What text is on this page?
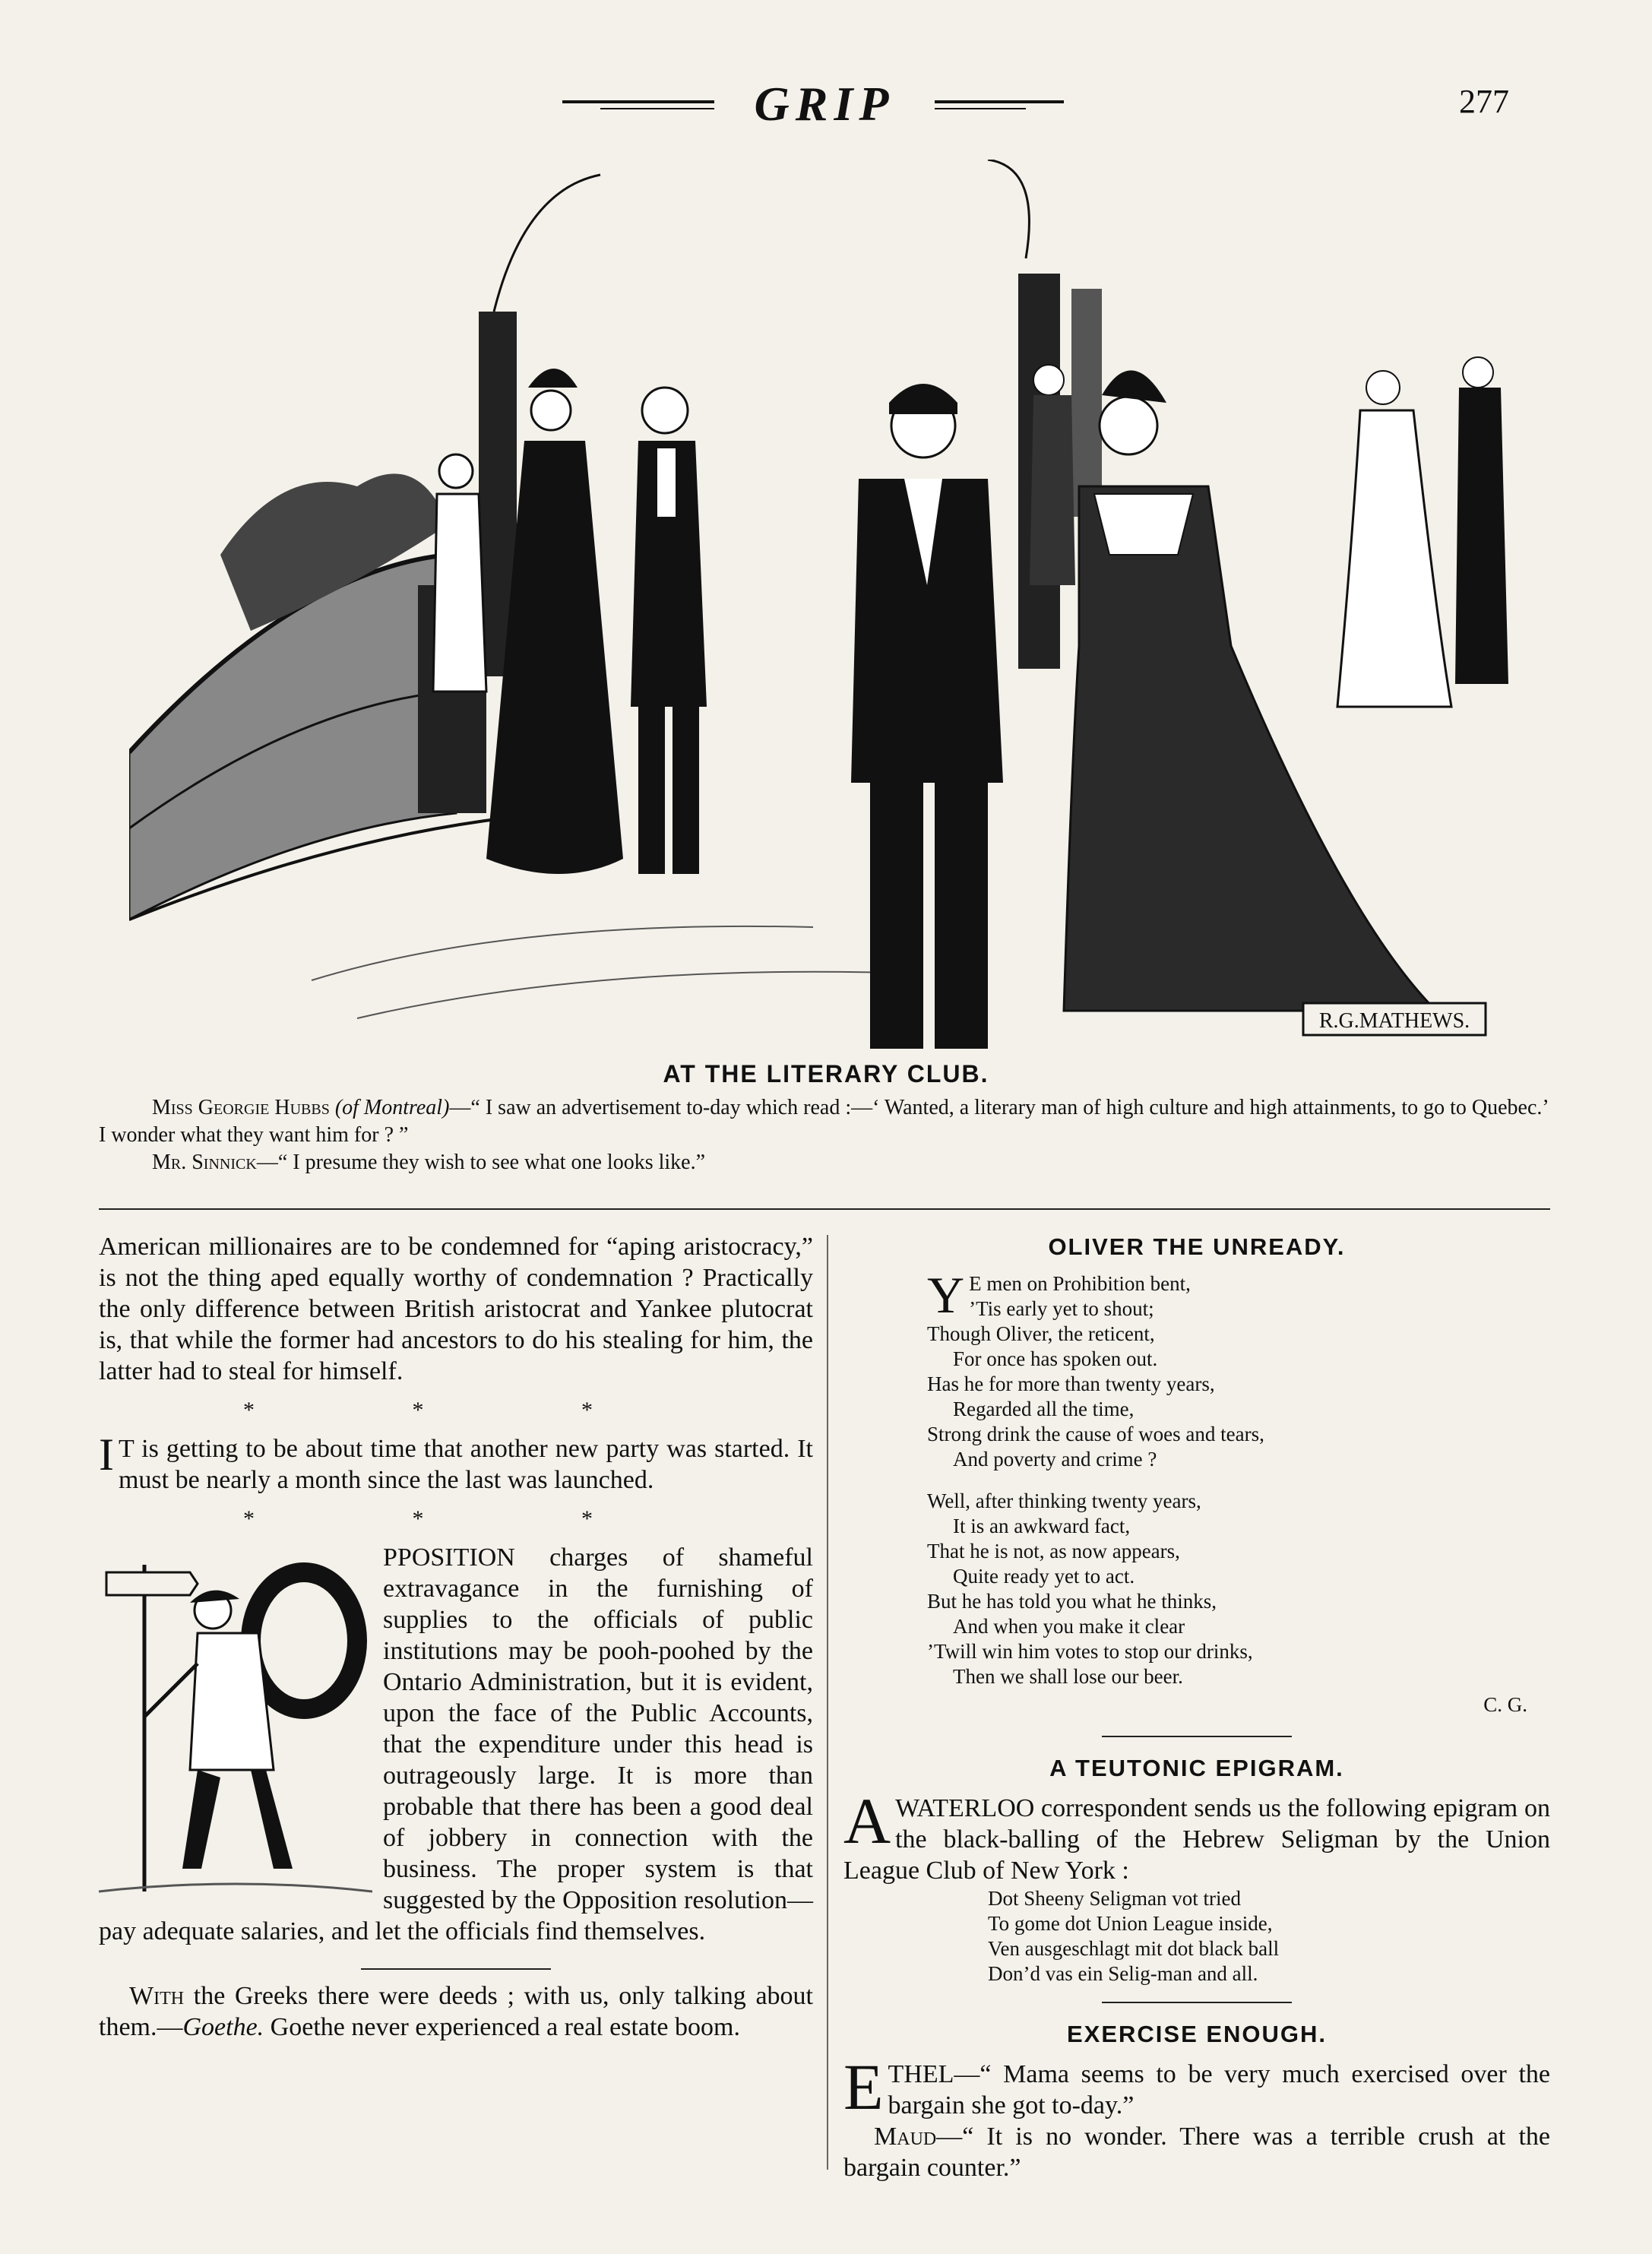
GRIP	277
R.G.MATHEWS.
AT THE LITERARY CLUB.

Miss Georgie Hubbs (of Montreal)—“ I saw an advertisement to-day which read :—‘ Wanted, a literary man of high culture and high attainments, to go to Quebec.’ I wonder what they want him for ? ”

Mr. Sinnick—“ I presume they wish to see what one looks like.”

American millionaires are to be condemned for “aping aristocracy,” is not the thing aped equally worthy of condemnation ? Practically the only difference between British aristocrat and Yankee plutocrat is, that while the former had ancestors to do his stealing for him, the latter had to steal for himself.

* * *

I T is getting to be about time that another new party was started. It must be nearly a month since the last was launched.

* * *
PPOSITION charges of shameful extravagance in the furnishing of supplies to the officials of public institutions may be pooh-poohed by the Ontario Administration, but it is evident, upon the face of the Public Accounts, that the expenditure under this head is outrageously large. It is more than probable that there has been a good deal of jobbery in connection with the business. The proper system is that suggested by the Opposition resolution—pay adequate salaries, and let the officials find themselves.

With the Greeks there were deeds ; with us, only talking about them.—Goethe. Goethe never experienced a real estate boom.

OLIVER THE UNREADY.
Y E men on Prohibition bent,
’Tis early yet to shout;
Though Oliver, the reticent,
For once has spoken out.
Has he for more than twenty years,
Regarded all the time,
Strong drink the cause of woes and tears,
And poverty and crime ?
Well, after thinking twenty years,
It is an awkward fact,
That he is not, as now appears,
Quite ready yet to act.
But he has told you what he thinks,
And when you make it clear
’Twill win him votes to stop our drinks,
Then we shall lose our beer.
C. G.
A TEUTONIC EPIGRAM.

A WATERLOO correspondent sends us the following epigram on the black-balling of the Hebrew Seligman by the Union League Club of New York :

Dot Sheeny Seligman vot tried
To gome dot Union League inside,
Ven ausgeschlagt mit dot black ball
Don’d vas ein Selig-man and all.
EXERCISE ENOUGH.

ETHEL—“ Mama seems to be very much exercised over the bargain she got to-day.”

Maud—“ It is no wonder. There was a terrible crush at the bargain counter.”
